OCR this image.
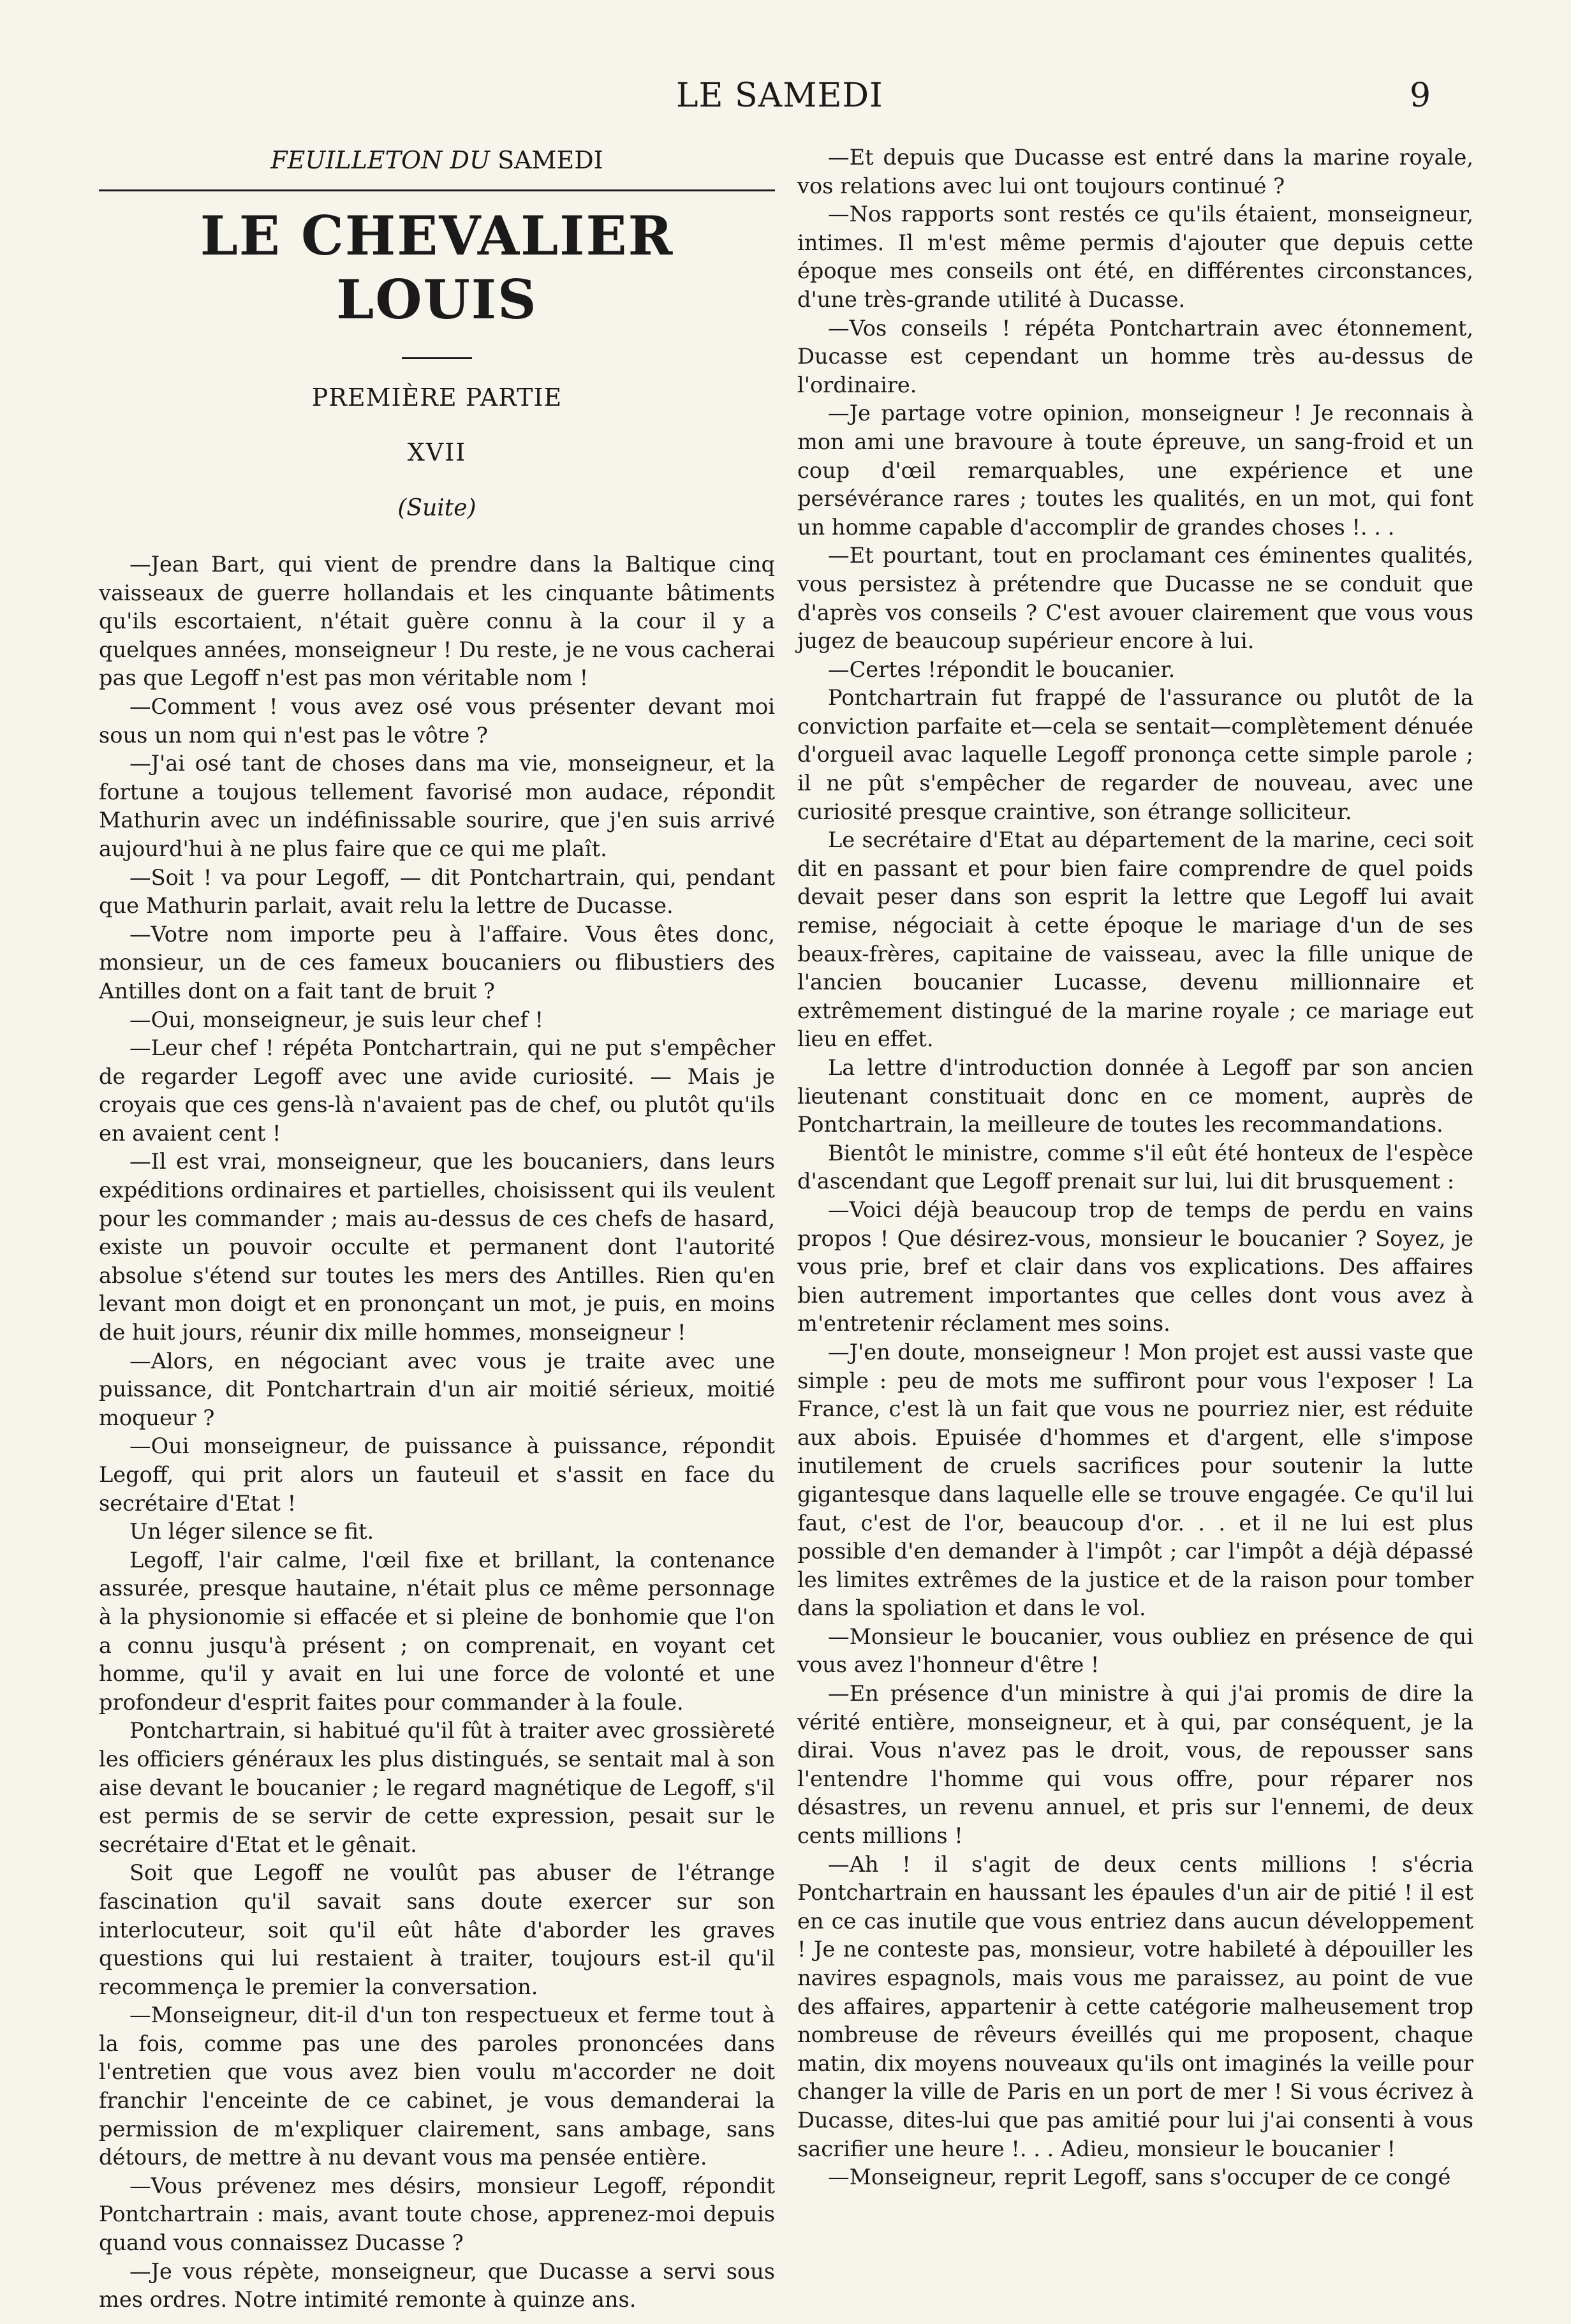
LE SAMEDI	9
FEUILLETON DU SAMEDI
LE CHEVALIER LOUIS
PREMIÈRE PARTIE
XVII
(Suite)

—Jean Bart, qui vient de prendre dans la Baltique cinq vaisseaux de guerre hollandais et les cinquante bâtiments qu'ils escortaient, n'était guère connu à la cour il y a quelques années, monseigneur ! Du reste, je ne vous cacherai pas que Legoff n'est pas mon véritable nom !

—Comment ! vous avez osé vous présenter devant moi sous un nom qui n'est pas le vôtre ?

—J'ai osé tant de choses dans ma vie, monseigneur, et la fortune a toujous tellement favorisé mon audace, répondit Mathurin avec un indéfinissable sourire, que j'en suis arrivé aujourd'hui à ne plus faire que ce qui me plaît.

—Soit ! va pour Legoff, — dit Pontchartrain, qui, pendant que Mathurin parlait, avait relu la lettre de Ducasse.

—Votre nom importe peu à l'affaire. Vous êtes donc, monsieur, un de ces fameux boucaniers ou flibustiers des Antilles dont on a fait tant de bruit ?

—Oui, monseigneur, je suis leur chef !

—Leur chef ! répéta Pontchartrain, qui ne put s'empêcher de regarder Legoff avec une avide curiosité. — Mais je croyais que ces gens-là n'avaient pas de chef, ou plutôt qu'ils en avaient cent !

—Il est vrai, monseigneur, que les boucaniers, dans leurs expéditions ordinaires et partielles, choisissent qui ils veulent pour les commander ; mais au-dessus de ces chefs de hasard, existe un pouvoir occulte et permanent dont l'autorité absolue s'étend sur toutes les mers des Antilles. Rien qu'en levant mon doigt et en prononçant un mot, je puis, en moins de huit jours, réunir dix mille hommes, monseigneur !

—Alors, en négociant avec vous je traite avec une puissance, dit Pontchartrain d'un air moitié sérieux, moitié moqueur ?

—Oui monseigneur, de puissance à puissance, répondit Legoff, qui prit alors un fauteuil et s'assit en face du secrétaire d'Etat !

Un léger silence se fit.

Legoff, l'air calme, l'œil fixe et brillant, la contenance assurée, presque hautaine, n'était plus ce même personnage à la physionomie si effacée et si pleine de bonhomie que l'on a connu jusqu'à présent ; on comprenait, en voyant cet homme, qu'il y avait en lui une force de volonté et une profondeur d'esprit faites pour commander à la foule.

Pontchartrain, si habitué qu'il fût à traiter avec grossièreté les officiers généraux les plus distingués, se sentait mal à son aise devant le boucanier ; le regard magnétique de Legoff, s'il est permis de se servir de cette expression, pesait sur le secrétaire d'Etat et le gênait.

Soit que Legoff ne voulût pas abuser de l'étrange fascination qu'il savait sans doute exercer sur son interlocuteur, soit qu'il eût hâte d'aborder les graves questions qui lui restaient à traiter, toujours est-il qu'il recommença le premier la conversation.

—Monseigneur, dit-il d'un ton respectueux et ferme tout à la fois, comme pas une des paroles prononcées dans l'entretien que vous avez bien voulu m'accorder ne doit franchir l'enceinte de ce cabinet, je vous demanderai la permission de m'expliquer clairement, sans ambage, sans détours, de mettre à nu devant vous ma pensée entière.

—Vous prévenez mes désirs, monsieur Legoff, répondit Pontchartrain : mais, avant toute chose, apprenez-moi depuis quand vous connaissez Ducasse ?

—Je vous répète, monseigneur, que Ducasse a servi sous mes ordres. Notre intimité remonte à quinze ans.

—Et depuis que Ducasse est entré dans la marine royale, vos relations avec lui ont toujours continué ?

—Nos rapports sont restés ce qu'ils étaient, monseigneur, intimes. Il m'est même permis d'ajouter que depuis cette époque mes conseils ont été, en différentes circonstances, d'une très-grande utilité à Ducasse.

—Vos conseils ! répéta Pontchartrain avec étonnement, Ducasse est cependant un homme très au-dessus de l'ordinaire.

—Je partage votre opinion, monseigneur ! Je reconnais à mon ami une bravoure à toute épreuve, un sang-froid et un coup d'œil remarquables, une expérience et une persévérance rares ; toutes les qualités, en un mot, qui font un homme capable d'accomplir de grandes choses !. . .

—Et pourtant, tout en proclamant ces éminentes qualités, vous persistez à prétendre que Ducasse ne se conduit que d'après vos conseils ? C'est avouer clairement que vous vous jugez de beaucoup supérieur encore à lui.

—Certes !répondit le boucanier.

Pontchartrain fut frappé de l'assurance ou plutôt de la conviction parfaite et—cela se sentait—complètement dénuée d'orgueil avac laquelle Legoff prononça cette simple parole ; il ne pût s'empêcher de regarder de nouveau, avec une curiosité presque craintive, son étrange solliciteur.

Le secrétaire d'Etat au département de la marine, ceci soit dit en passant et pour bien faire comprendre de quel poids devait peser dans son esprit la lettre que Legoff lui avait remise, négociait à cette époque le mariage d'un de ses beaux-frères, capitaine de vaisseau, avec la fille unique de l'ancien boucanier Lucasse, devenu millionnaire et extrêmement distingué de la marine royale ; ce mariage eut lieu en effet.

La lettre d'introduction donnée à Legoff par son ancien lieutenant constituait donc en ce moment, auprès de Pontchartrain, la meilleure de toutes les recommandations.

Bientôt le ministre, comme s'il eût été honteux de l'espèce d'ascendant que Legoff prenait sur lui, lui dit brusquement :

—Voici déjà beaucoup trop de temps de perdu en vains propos ! Que désirez-vous, monsieur le boucanier ? Soyez, je vous prie, bref et clair dans vos explications. Des affaires bien autrement importantes que celles dont vous avez à m'entretenir réclament mes soins.

—J'en doute, monseigneur ! Mon projet est aussi vaste que simple : peu de mots me suffiront pour vous l'exposer ! La France, c'est là un fait que vous ne pourriez nier, est réduite aux abois. Epuisée d'hommes et d'argent, elle s'impose inutilement de cruels sacrifices pour soutenir la lutte gigantesque dans laquelle elle se trouve engagée. Ce qu'il lui faut, c'est de l'or, beaucoup d'or. . . et il ne lui est plus possible d'en demander à l'impôt ; car l'impôt a déjà dépassé les limites extrêmes de la justice et de la raison pour tomber dans la spoliation et dans le vol.

—Monsieur le boucanier, vous oubliez en présence de qui vous avez l'honneur d'être !

—En présence d'un ministre à qui j'ai promis de dire la vérité entière, monseigneur, et à qui, par conséquent, je la dirai. Vous n'avez pas le droit, vous, de repousser sans l'entendre l'homme qui vous offre, pour réparer nos désastres, un revenu annuel, et pris sur l'ennemi, de deux cents millions !

—Ah ! il s'agit de deux cents millions ! s'écria Pontchartrain en haussant les épaules d'un air de pitié ! il est en ce cas inutile que vous entriez dans aucun développement ! Je ne conteste pas, monsieur, votre habileté à dépouiller les navires espagnols, mais vous me paraissez, au point de vue des affaires, appartenir à cette catégorie malheusement trop nombreuse de rêveurs éveillés qui me proposent, chaque matin, dix moyens nouveaux qu'ils ont imaginés la veille pour changer la ville de Paris en un port de mer ! Si vous écrivez à Ducasse, dites-lui que pas amitié pour lui j'ai consenti à vous sacrifier une heure !. . . Adieu, monsieur le boucanier !

—Monseigneur, reprit Legoff, sans s'occuper de ce congé
